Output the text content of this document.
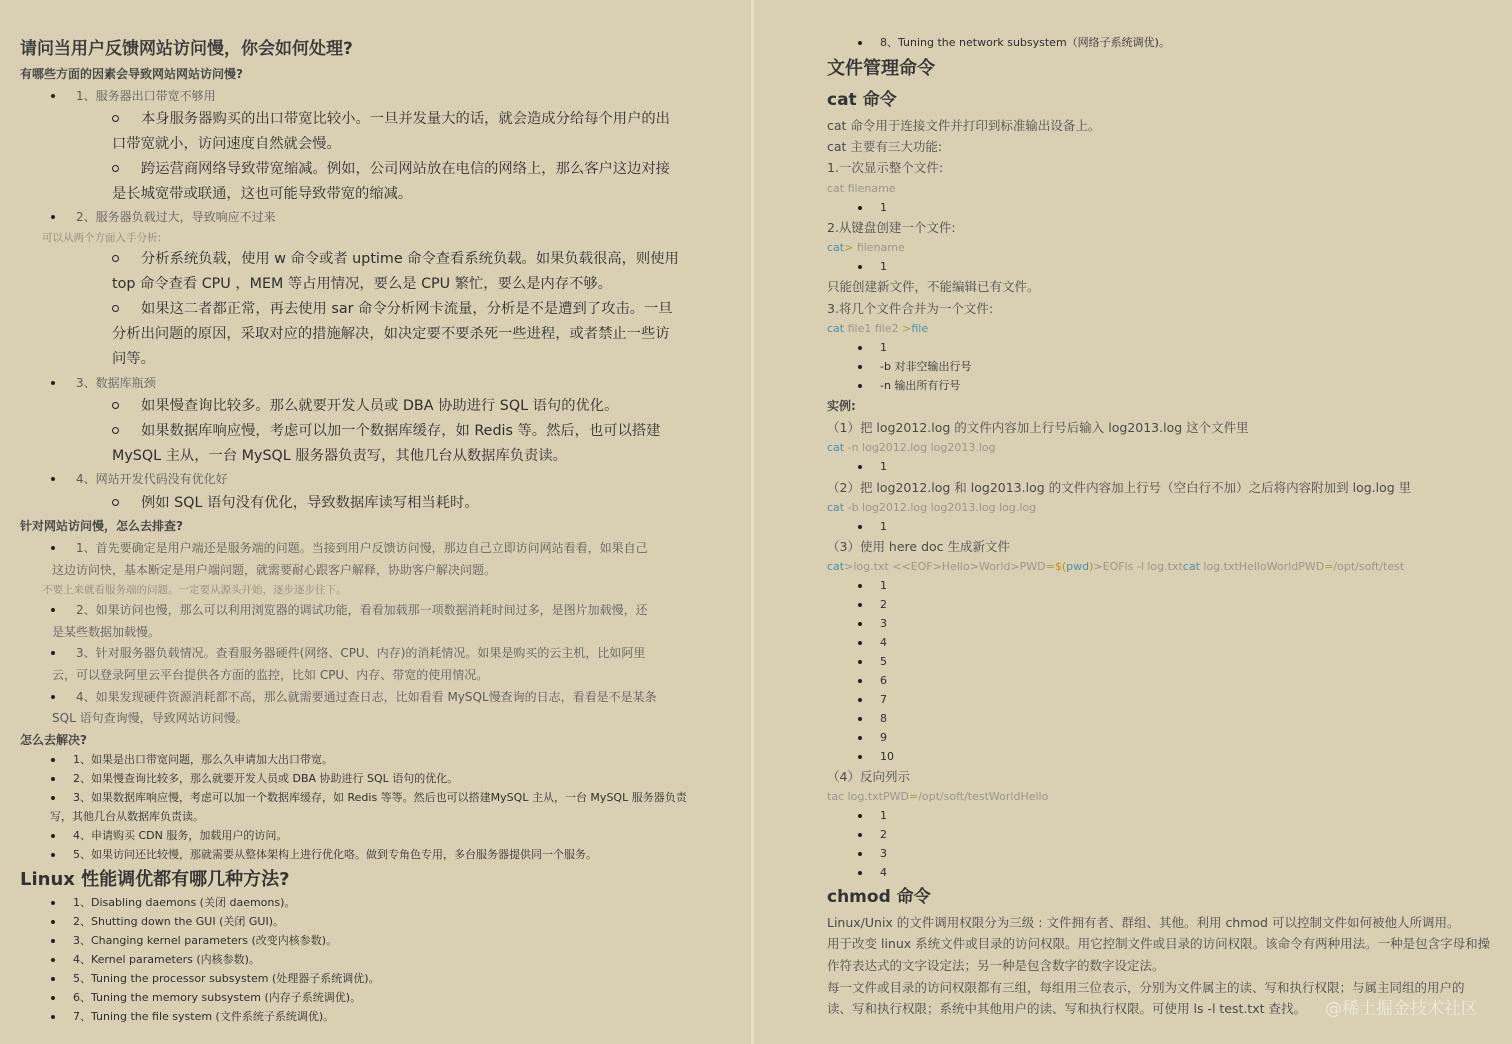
请问当用户反馈网站访问慢，你会如何处理?
有哪些方面的因素会导致网站网站访问慢?
1、服务器出口带宽不够用
本身服务器购买的出口带宽比较小。一旦并发量大的话，就会造成分给每个用户的出
口带宽就小，访问速度自然就会慢。
跨运营商网络导致带宽缩减。例如，公司网站放在电信的网络上，那么客户这边对接
是长城宽带或联通，这也可能导致带宽的缩减。
2、服务器负载过大，导致响应不过来
可以从两个方面入手分析:
分析系统负载，使用 w 命令或者 uptime 命令查看系统负载。如果负载很高，则使用
top 命令查看 CPU ，MEM 等占用情况，要么是 CPU 繁忙，要么是内存不够。
如果这二者都正常，再去使用 sar 命令分析网卡流量，分析是不是遭到了攻击。一旦
分析出问题的原因，采取对应的措施解决，如决定要不要杀死一些进程，或者禁止一些访
问等。
3、数据库瓶颈
如果慢查询比较多。那么就要开发人员或 DBA 协助进行 SQL 语句的优化。
如果数据库响应慢，考虑可以加一个数据库缓存，如 Redis 等。然后，也可以搭建
MySQL 主从，一台 MySQL 服务器负责写，其他几台从数据库负责读。
4、网站开发代码没有优化好
例如 SQL 语句没有优化，导致数据库读写相当耗时。
针对网站访问慢，怎么去排查?
1、首先要确定是用户端还是服务端的问题。当接到用户反馈访问慢，那边自己立即访问网站看看，如果自己
这边访问快，基本断定是用户端问题，就需要耐心跟客户解释，协助客户解决问题。
不要上来就看服务端的问题。一定要从源头开始，逐步逐步往下。
2、如果访问也慢，那么可以利用浏览器的调试功能，看看加载那一项数据消耗时间过多，是图片加载慢，还
是某些数据加载慢。
3、针对服务器负载情况。查看服务器硬件(网络、CPU、内存)的消耗情况。如果是购买的云主机，比如阿里
云，可以登录阿里云平台提供各方面的监控，比如 CPU、内存、带宽的使用情况。
4、如果发现硬件资源消耗都不高，那么就需要通过查日志，比如看看 MySQL慢查询的日志，看看是不是某条
SQL 语句查询慢，导致网站访问慢。
怎么去解决?
1、如果是出口带宽问题，那么久申请加大出口带宽。
2、如果慢查询比较多，那么就要开发人员或 DBA 协助进行 SQL 语句的优化。
3、如果数据库响应慢，考虑可以加一个数据库缓存，如 Redis 等等。然后也可以搭建MySQL 主从，一台 MySQL 服务器负责
写，其他几台从数据库负责读。
4、申请购买 CDN 服务，加载用户的访问。
5、如果访问还比较慢，那就需要从整体架构上进行优化咯。做到专角色专用，多台服务器提供同一个服务。
Linux 性能调优都有哪几种方法?
1、Disabling daemons (关闭 daemons)。
2、Shutting down the GUI (关闭 GUI)。
3、Changing kernel parameters (改变内核参数)。
4、Kernel parameters (内核参数)。
5、Tuning the processor subsystem (处理器子系统调优)。
6、Tuning the memory subsystem (内存子系统调优)。
7、Tuning the file system (文件系统子系统调优)。
8、Tuning the network subsystem（网络子系统调优)。
文件管理命令
cat 命令
cat 命令用于连接文件并打印到标准输出设备上。
cat 主要有三大功能:
1.一次显示整个文件:
cat filename
1
2.从键盘创建一个文件:
cat> filename
1
只能创建新文件，不能编辑已有文件。
3.将几个文件合并为一个文件:
cat file1 file2 >file
1
-b 对非空输出行号
-n 输出所有行号
实例:
（1）把 log2012.log 的文件内容加上行号后输入 log2013.log 这个文件里
cat -n log2012.log log2013.log
1
（2）把 log2012.log 和 log2013.log 的文件内容加上行号（空白行不加）之后将内容附加到 log.log 里
cat -b log2012.log log2013.log log.log
1
（3）使用 here doc 生成新文件
cat>log.txt <<EOF>Hello>World>PWD=$(pwd)>EOFls -l log.txtcat log.txtHelloWorldPWD=/opt/soft/test
1
2
3
4
5
6
7
8
9
10
（4）反向列示
tac log.txtPWD=/opt/soft/testWorldHello
1
2
3
4
chmod 命令
Linux/Unix 的文件调用权限分为三级 : 文件拥有者、群组、其他。利用 chmod 可以控制文件如何被他人所调用。
用于改变 linux 系统文件或目录的访问权限。用它控制文件或目录的访问权限。该命令有两种用法。一种是包含字母和操
作符表达式的文字设定法；另一种是包含数字的数字设定法。
每一文件或目录的访问权限都有三组，每组用三位表示，分别为文件属主的读、写和执行权限；与属主同组的用户的
读、写和执行权限；系统中其他用户的读、写和执行权限。可使用 ls -l test.txt 查找。 @稀土掘金技术社区
